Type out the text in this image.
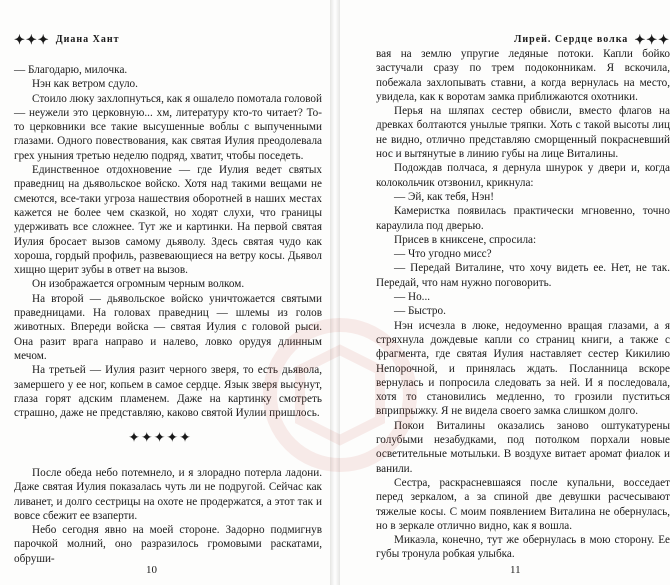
✦✦✦ Диана Хант

— Благодарю, милочка.

Нэн как ветром сдуло.

Стоило люку захлопнуться, как я ошалело помотала головой — неужели это церковную... хм, литературу кто-то читает? То-то церковники все такие высушенные воблы с выпученными глазами. Одного повествования, как святая Иулия преодолевала грех уныния третью неделю подряд, хватит, чтобы поседеть.

Единственное отдохновение — где Иулия ведет святых праведниц на дьявольское войско. Хотя над такими вещами не смеются, все-таки угроза нашествия оборотней в наших местах кажется не более чем сказкой, но ходят слухи, что границы удерживать все сложнее. Тут же и картинки. На первой святая Иулия бросает вызов самому дьяволу. Здесь святая чудо как хороша, гордый профиль, развевающиеся на ветру косы. Дьявол хищно щерит зубы в ответ на вызов.

Он изображается огромным черным волком.

На второй — дьявольское войско уничтожается святыми праведницами. На головах праведниц — шлемы из голов животных. Впереди войска — святая Иулия с головой рыси. Она разит врага направо и налево, ловко орудуя длинным мечом.

На третьей — Иулия разит черного зверя, то есть дьявола, замершего у ее ног, копьем в самое сердце. Язык зверя высунут, глаза горят адским пламенем. Даже на картинку смотреть страшно, даже не представляю, каково святой Иулии пришлось.

✦✦✦✦✦

После обеда небо потемнело, и я злорадно потерла ладони. Даже святая Иулия показалась чуть ли не подругой. Сейчас как ливанет, и долго сестрицы на охоте не продержатся, а этот так и вовсе сбежит ее взаперти.

Небо сегодня явно на моей стороне. Задорно подмигнув парочкой молний, оно разразилось громовыми раскатами, обруши-

10
Лирей. Сердце волка ✦✦✦

вая на землю упругие ледяные потоки. Капли бойко застучали сразу по трем подоконникам. Я вскочила, побежала захлопывать ставни, а когда вернулась на место, увидела, как к воротам замка приближаются охотники.

Перья на шляпах сестер обвисли, вместо флагов на древках болтаются унылые тряпки. Хоть с такой высоты лиц не видно, отлично представляю сморщенный покрасневший нос и вытянутые в линию губы на лице Виталины.

Подождав полчаса, я дернула шнурок у двери и, когда колокольчик отзвонил, крикнула:

— Эй, как тебя, Нэн!

Камеристка появилась практически мгновенно, точно караулила под дверью.

Присев в книксене, спросила:

— Что угодно мисс?

— Передай Виталине, что хочу видеть ее. Нет, не так. Передай, что нам нужно поговорить.

— Но...

— Быстро.

Нэн исчезла в люке, недоуменно вращая глазами, а я стряхнула дождевые капли со страниц книги, а также с фрагмента, где святая Иулия наставляет сестер Кикилию Непорочной, и принялась ждать. Посланница вскоре вернулась и попросила следовать за ней. И я последовала, хотя то становились медленно, то грозили пуститься вприпрыжку. Я не видела своего замка слишком долго.

Покои Виталины оказались заново оштукатурены голубыми незабудками, под потолком порхали новые осветительные мотыльки. В воздухе витает аромат фиалок и ванили.

Сестра, раскрасневшаяся после купальни, восседает перед зеркалом, а за спиной две девушки расчесывают тяжелые косы. С моим появлением Виталина не обернулась, но в зеркале отлично видно, как я вошла.

Микаэла, конечно, тут же обернулась в мою сторону. Ее губы тронула робкая улыбка.

11
